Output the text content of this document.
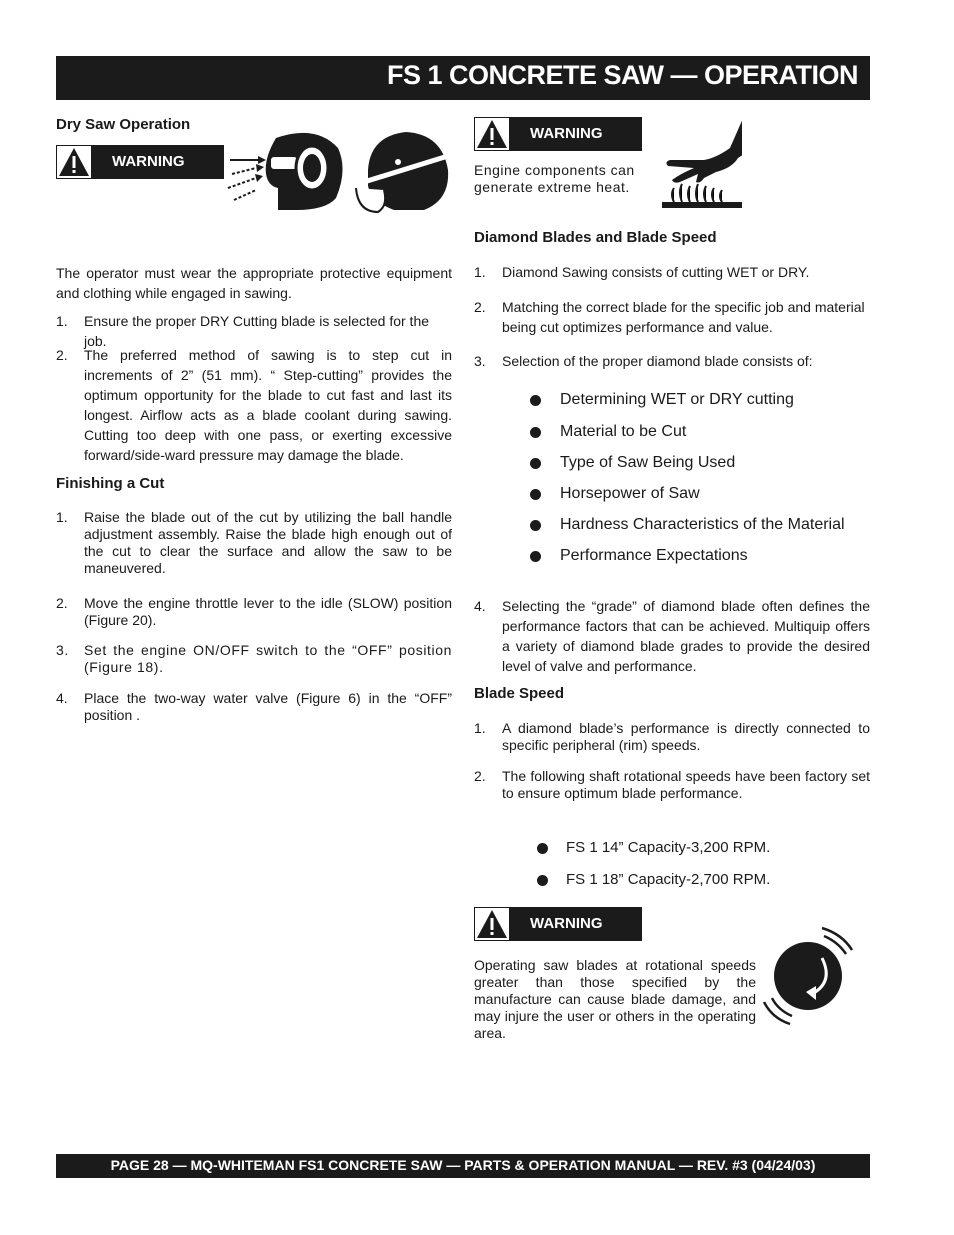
FS 1 CONCRETE SAW — OPERATION
Dry Saw Operation
WARNING
The operator must wear the appropriate protective equipment and clothing while engaged in sawing.
1. Ensure the proper DRY Cutting blade is selected for the job.
2. The preferred method of sawing is to step cut in increments of 2” (51 mm). “ Step-cutting” provides the optimum opportunity for the blade to cut fast and last its longest. Airflow acts as a blade coolant during sawing. Cutting too deep with one pass, or exerting excessive forward/side-ward pressure may damage the blade.
Finishing a Cut
1. Raise the blade out of the cut by utilizing the ball handle adjustment assembly. Raise the blade high enough out of the cut to clear the surface and allow the saw to be maneuvered.
2. Move the engine throttle lever to the idle (SLOW) position (Figure 20).
3. Set the engine ON/OFF switch to the “OFF” position (Figure 18).
4. Place the two-way water valve (Figure 6) in the “OFF” position .
WARNING
Engine components can generate extreme heat.
Diamond Blades and Blade Speed
1. Diamond Sawing consists of cutting WET or DRY.
2. Matching the correct blade for the specific job and material being cut optimizes performance and value.
3. Selection of the proper diamond blade consists of:
Determining WET or DRY cutting
Material to be Cut
Type of Saw Being Used
Horsepower of Saw
Hardness Characteristics of the Material
Performance Expectations
4. Selecting the “grade” of diamond blade often defines the performance factors that can be achieved. Multiquip offers a variety of diamond blade grades to provide the desired level of valve and performance.
Blade Speed
1. A diamond blade’s performance is directly connected to specific peripheral (rim) speeds.
2. The following shaft rotational speeds have been factory set to ensure optimum blade performance.
FS 1 14” Capacity-3,200 RPM.
FS 1 18” Capacity-2,700 RPM.
WARNING
Operating saw blades at rotational speeds greater than those specified by the manufacture can cause blade damage, and may injure the user or others in the operating area.
PAGE 28 — MQ-WHITEMAN FS1 CONCRETE SAW — PARTS & OPERATION MANUAL — REV. #3 (04/24/03)
